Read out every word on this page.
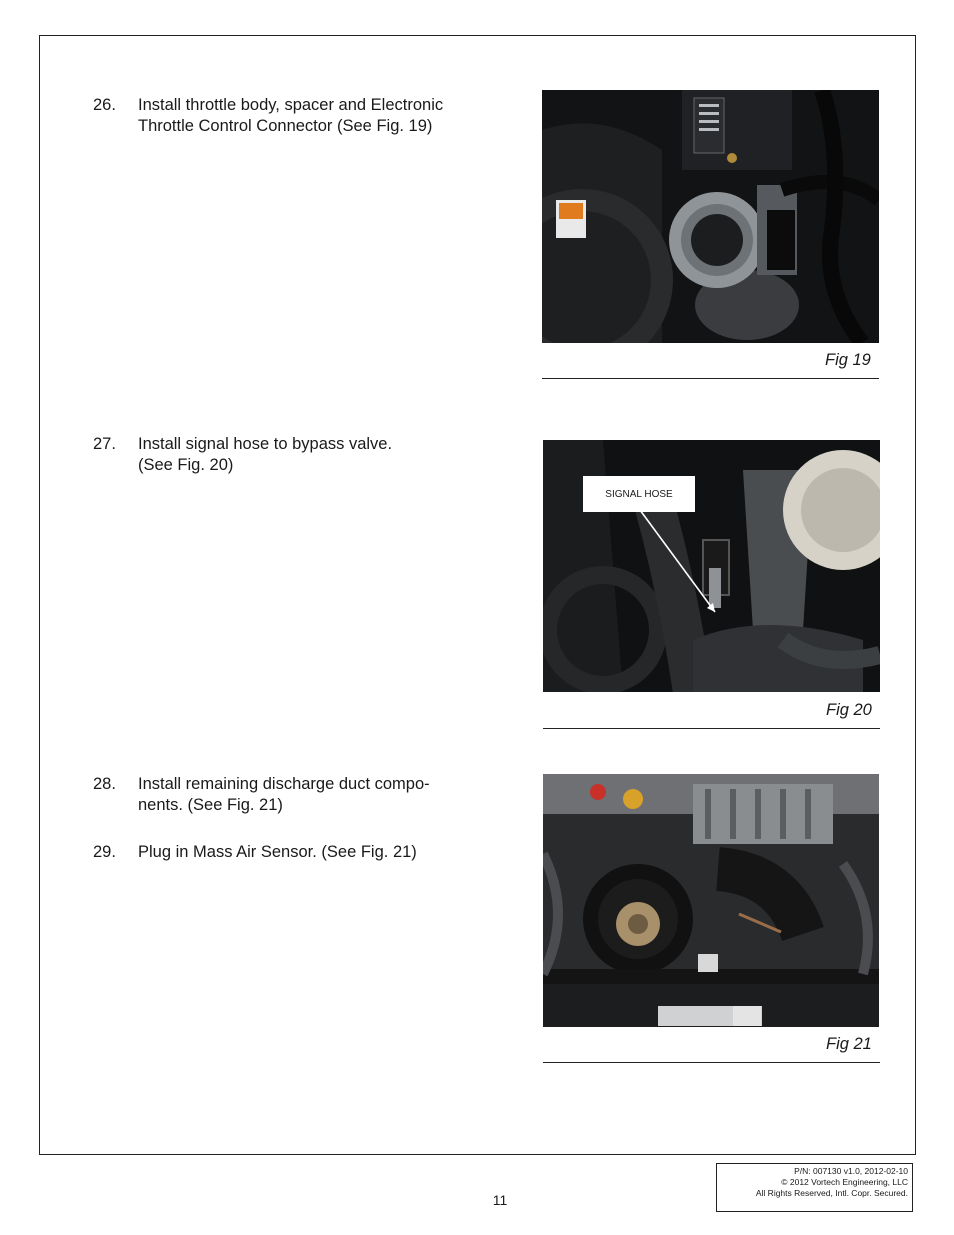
26. Install throttle body, spacer and Electronic Throttle Control Connector (See Fig. 19)
27. Install signal hose to bypass valve. (See Fig. 20)
28. Install remaining discharge duct compo-nents. (See Fig. 21)
29. Plug in Mass Air Sensor. (See Fig. 21)
Fig 19
SIGNAL HOSE
Fig 20
Fig 21
11
P/N: 007130 v1.0, 2012-02-10
© 2012 Vortech Engineering, LLC
All Rights Reserved, Intl. Copr. Secured.
